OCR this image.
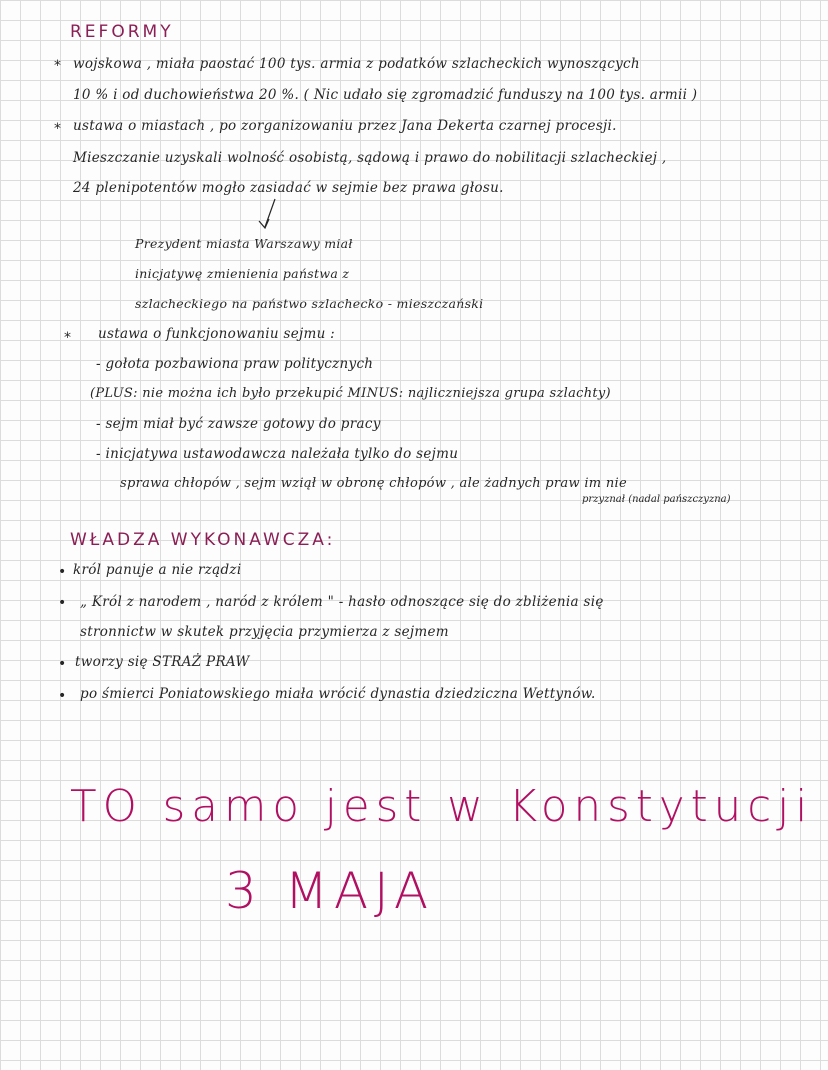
REFORMY
* wojskowa , miała paostać 100 tys. armia z podatków szlacheckich wynoszących
10 % i od duchowieństwa 20 %. ( Nic udało się zgromadzić funduszy na 100 tys. armii )
* ustawa o miastach , po zorganizowaniu przez Jana Dekerta czarnej procesji.
Mieszczanie uzyskali wolność osobistą, sądową i prawo do nobilitacji szlacheckiej ,
24 plenipotentów mogło zasiadać w sejmie bez prawa głosu.
Prezydent miasta Warszawy miał
inicjatywę zmienienia państwa z
szlacheckiego na państwo szlachecko - mieszczański
* ustawa o funkcjonowaniu sejmu :
- gołota pozbawiona praw politycznych
(PLUS: nie można ich było przekupić MINUS: najliczniejsza grupa szlachty)
- sejm miał być zawsze gotowy do pracy
- inicjatywa ustawodawcza należała tylko do sejmu
sprawa chłopów , sejm wziął w obronę chłopów , ale żadnych praw im nie
przyznał (nadal pańszczyzna)
WŁADZA WYKONAWCZA:
• król panuje a nie rządzi
• „ Król z narodem , naród z królem " - hasło odnoszące się do zbliżenia się
stronnictw w skutek przyjęcia przymierza z sejmem
• tworzy się STRAŻ PRAW
• po śmierci Poniatowskiego miała wrócić dynastia dziedziczna Wettynów.
TO samo jest w Konstytucji
3 MAJA
